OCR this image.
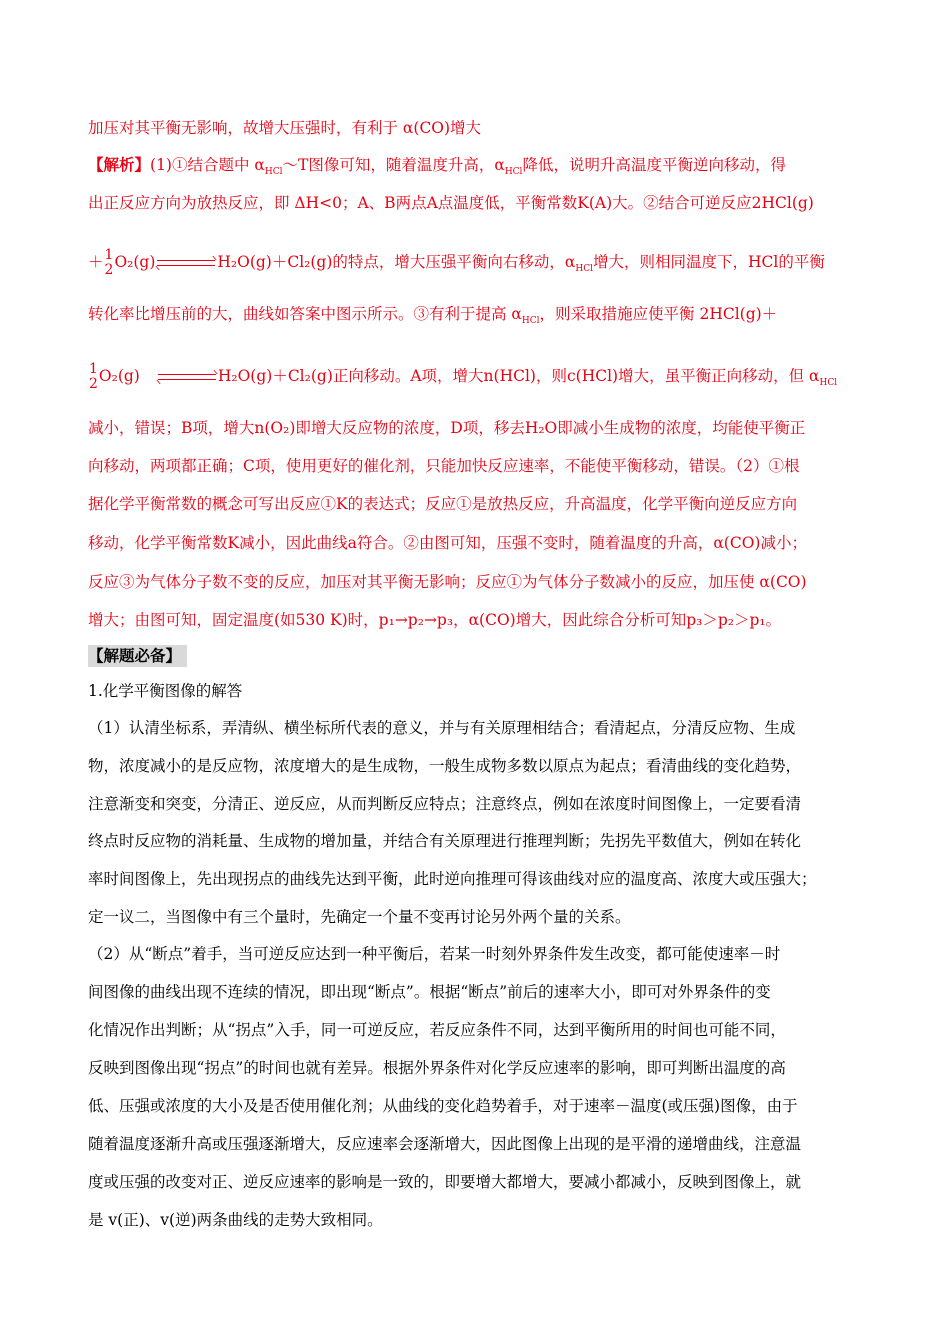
加压对其平衡无影响，故增大压强时，有利于 α(CO)增大
【解析】(1)①结合题中 $\alpha_{HCl}\sim T$图像可知，随着温度升高，$\alpha_{HCl}$降低，说明升高温度平衡逆向移动，得
出正反应方向为放热反应，即 ΔH<0；A、B两点A点温度低，平衡常数K(A)大。②结合可逆反应2HCl(g)
＋ 1
2 O₂(g)	H₂O(g)＋Cl₂(g)的特点，增大压强平衡向右移动，$\alpha_{HCl}$增大，则相同温度下，HCl的平衡
转化率比增压前的大，曲线如答案中图示所示。③有利于提高 $\alpha_{HCl}$，则采取措施应使平衡 2HCl(g)＋
1
2 O₂(g)	H₂O(g)＋Cl₂(g)正向移动。A项，增大n(HCl)，则c(HCl)增大，虽平衡正向移动，但 $\alpha_{HCl}$
减小，错误；B项，增大n(O₂)即增大反应物的浓度，D项，移去H₂O即减小生成物的浓度，均能使平衡正
向移动，两项都正确；C项，使用更好的催化剂，只能加快反应速率，不能使平衡移动，错误。（2）①根
据化学平衡常数的概念可写出反应①K的表达式；反应①是放热反应，升高温度，化学平衡向逆反应方向
移动，化学平衡常数K减小，因此曲线a符合。②由图可知，压强不变时，随着温度的升高，α(CO)减小；
反应③为气体分子数不变的反应，加压对其平衡无影响；反应①为气体分子数减小的反应，加压使 α(CO)
增大；由图可知，固定温度(如530 K)时，p₁→p₂→p₃，α(CO)增大，因此综合分析可知p₃＞p₂＞p₁。
【解题必备】
1.化学平衡图像的解答
（1）认清坐标系，弄清纵、横坐标所代表的意义，并与有关原理相结合；看清起点，分清反应物、生成
物，浓度减小的是反应物，浓度增大的是生成物，一般生成物多数以原点为起点；看清曲线的变化趋势，
注意渐变和突变，分清正、逆反应，从而判断反应特点；注意终点，例如在浓度时间图像上，一定要看清
终点时反应物的消耗量、生成物的增加量，并结合有关原理进行推理判断；先拐先平数值大，例如在转化
率时间图像上，先出现拐点的曲线先达到平衡，此时逆向推理可得该曲线对应的温度高、浓度大或压强大；
定一议二，当图像中有三个量时，先确定一个量不变再讨论另外两个量的关系。
（2）从“断点”着手，当可逆反应达到一种平衡后，若某一时刻外界条件发生改变，都可能使速率－时
间图像的曲线出现不连续的情况，即出现“断点”。根据“断点”前后的速率大小，即可对外界条件的变
化情况作出判断；从“拐点”入手，同一可逆反应，若反应条件不同，达到平衡所用的时间也可能不同，
反映到图像出现“拐点”的时间也就有差异。根据外界条件对化学反应速率的影响，即可判断出温度的高
低、压强或浓度的大小及是否使用催化剂；从曲线的变化趋势着手，对于速率－温度(或压强)图像，由于
随着温度逐渐升高或压强逐渐增大，反应速率会逐渐增大，因此图像上出现的是平滑的递增曲线，注意温
度或压强的改变对正、逆反应速率的影响是一致的，即要增大都增大，要减小都减小，反映到图像上，就
是 v(正)、v(逆)两条曲线的走势大致相同。
